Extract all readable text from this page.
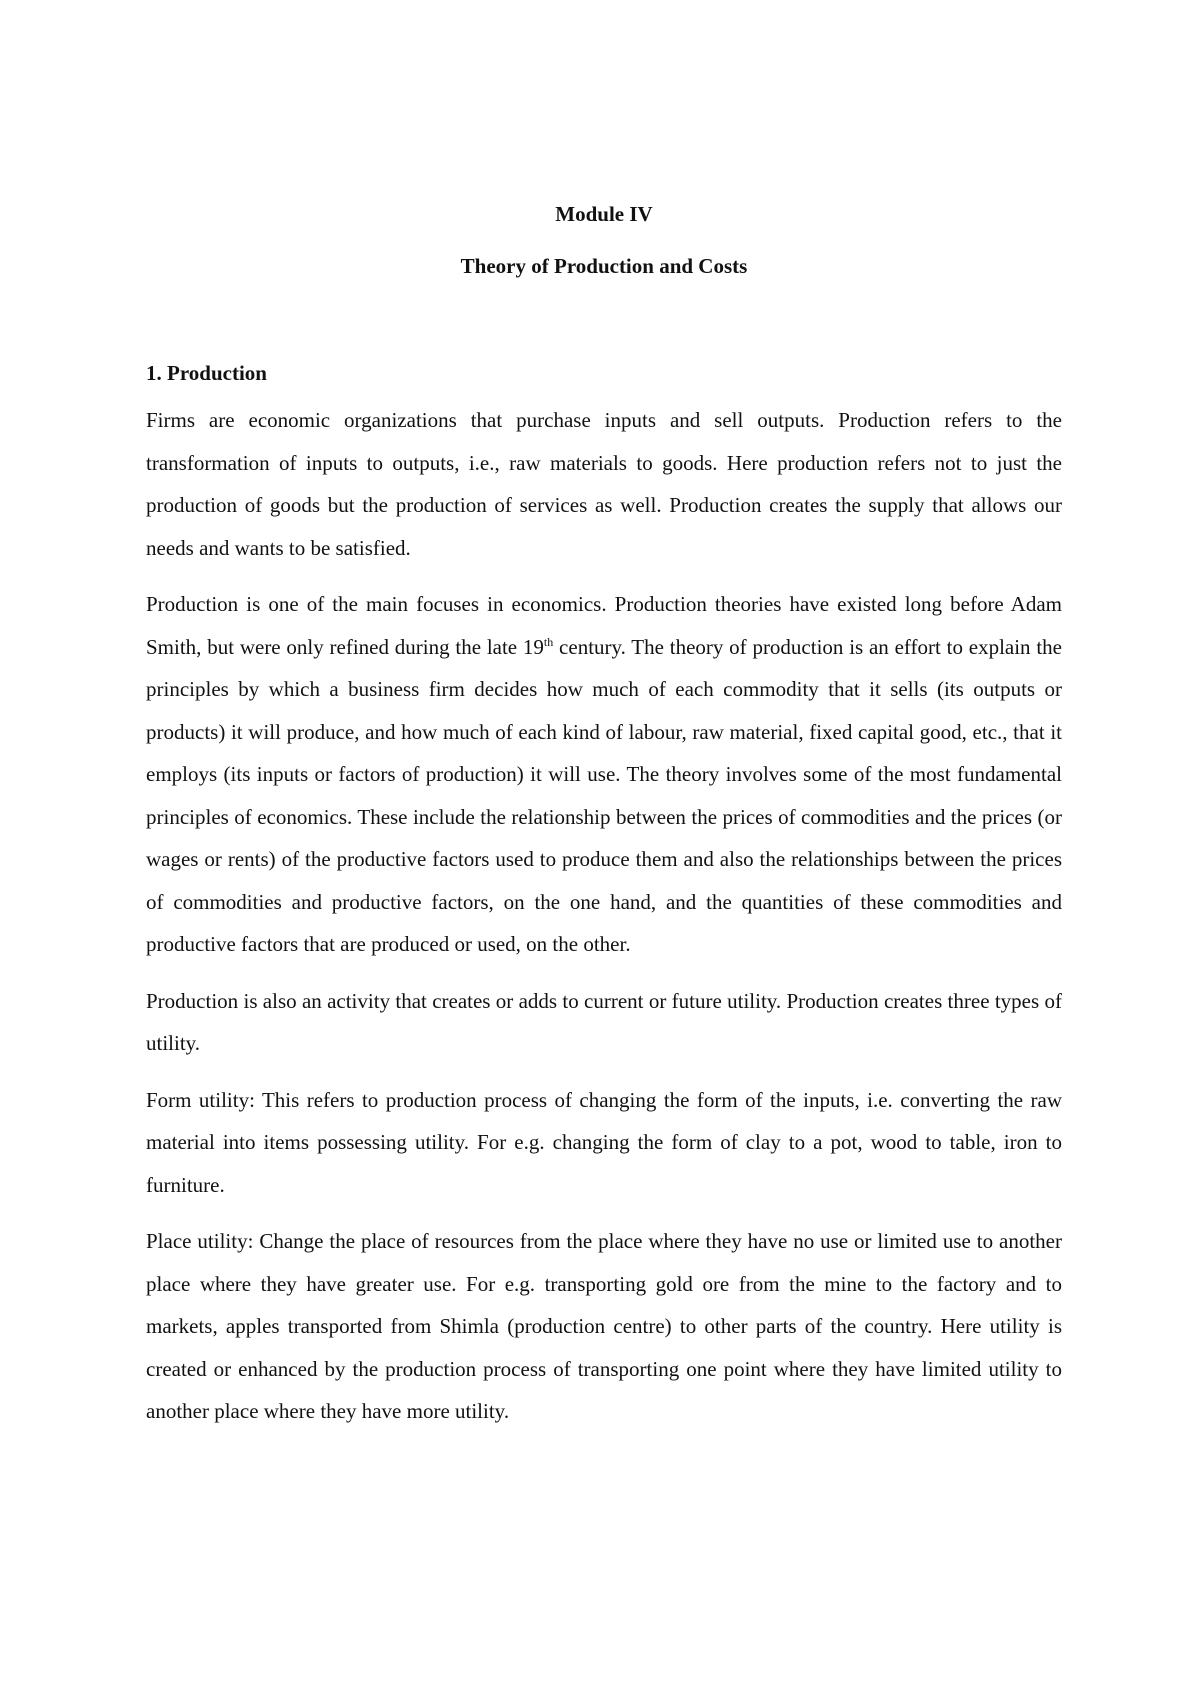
Module IV

Theory of Production and Costs

1. Production

Firms are economic organizations that purchase inputs and sell outputs. Production refers to the transformation of inputs to outputs, i.e., raw materials to goods. Here production refers not to just the production of goods but the production of services as well. Production creates the supply that allows our needs and wants to be satisfied.

Production is one of the main focuses in economics. Production theories have existed long before Adam Smith, but were only refined during the late 19th century. The theory of production is an effort to explain the principles by which a business firm decides how much of each commodity that it sells (its outputs or products) it will produce, and how much of each kind of labour, raw material, fixed capital good, etc., that it employs (its inputs or factors of production) it will use. The theory involves some of the most fundamental principles of economics. These include the relationship between the prices of commodities and the prices (or wages or rents) of the productive factors used to produce them and also the relationships between the prices of commodities and productive factors, on the one hand, and the quantities of these commodities and productive factors that are produced or used, on the other.

Production is also an activity that creates or adds to current or future utility. Production creates three types of utility.

Form utility: This refers to production process of changing the form of the inputs, i.e. converting the raw material into items possessing utility. For e.g. changing the form of clay to a pot, wood to table, iron to furniture.

Place utility: Change the place of resources from the place where they have no use or limited use to another place where they have greater use. For e.g. transporting gold ore from the mine to the factory and to markets, apples transported from Shimla (production centre) to other parts of the country. Here utility is created or enhanced by the production process of transporting one point where they have limited utility to another place where they have more utility.
